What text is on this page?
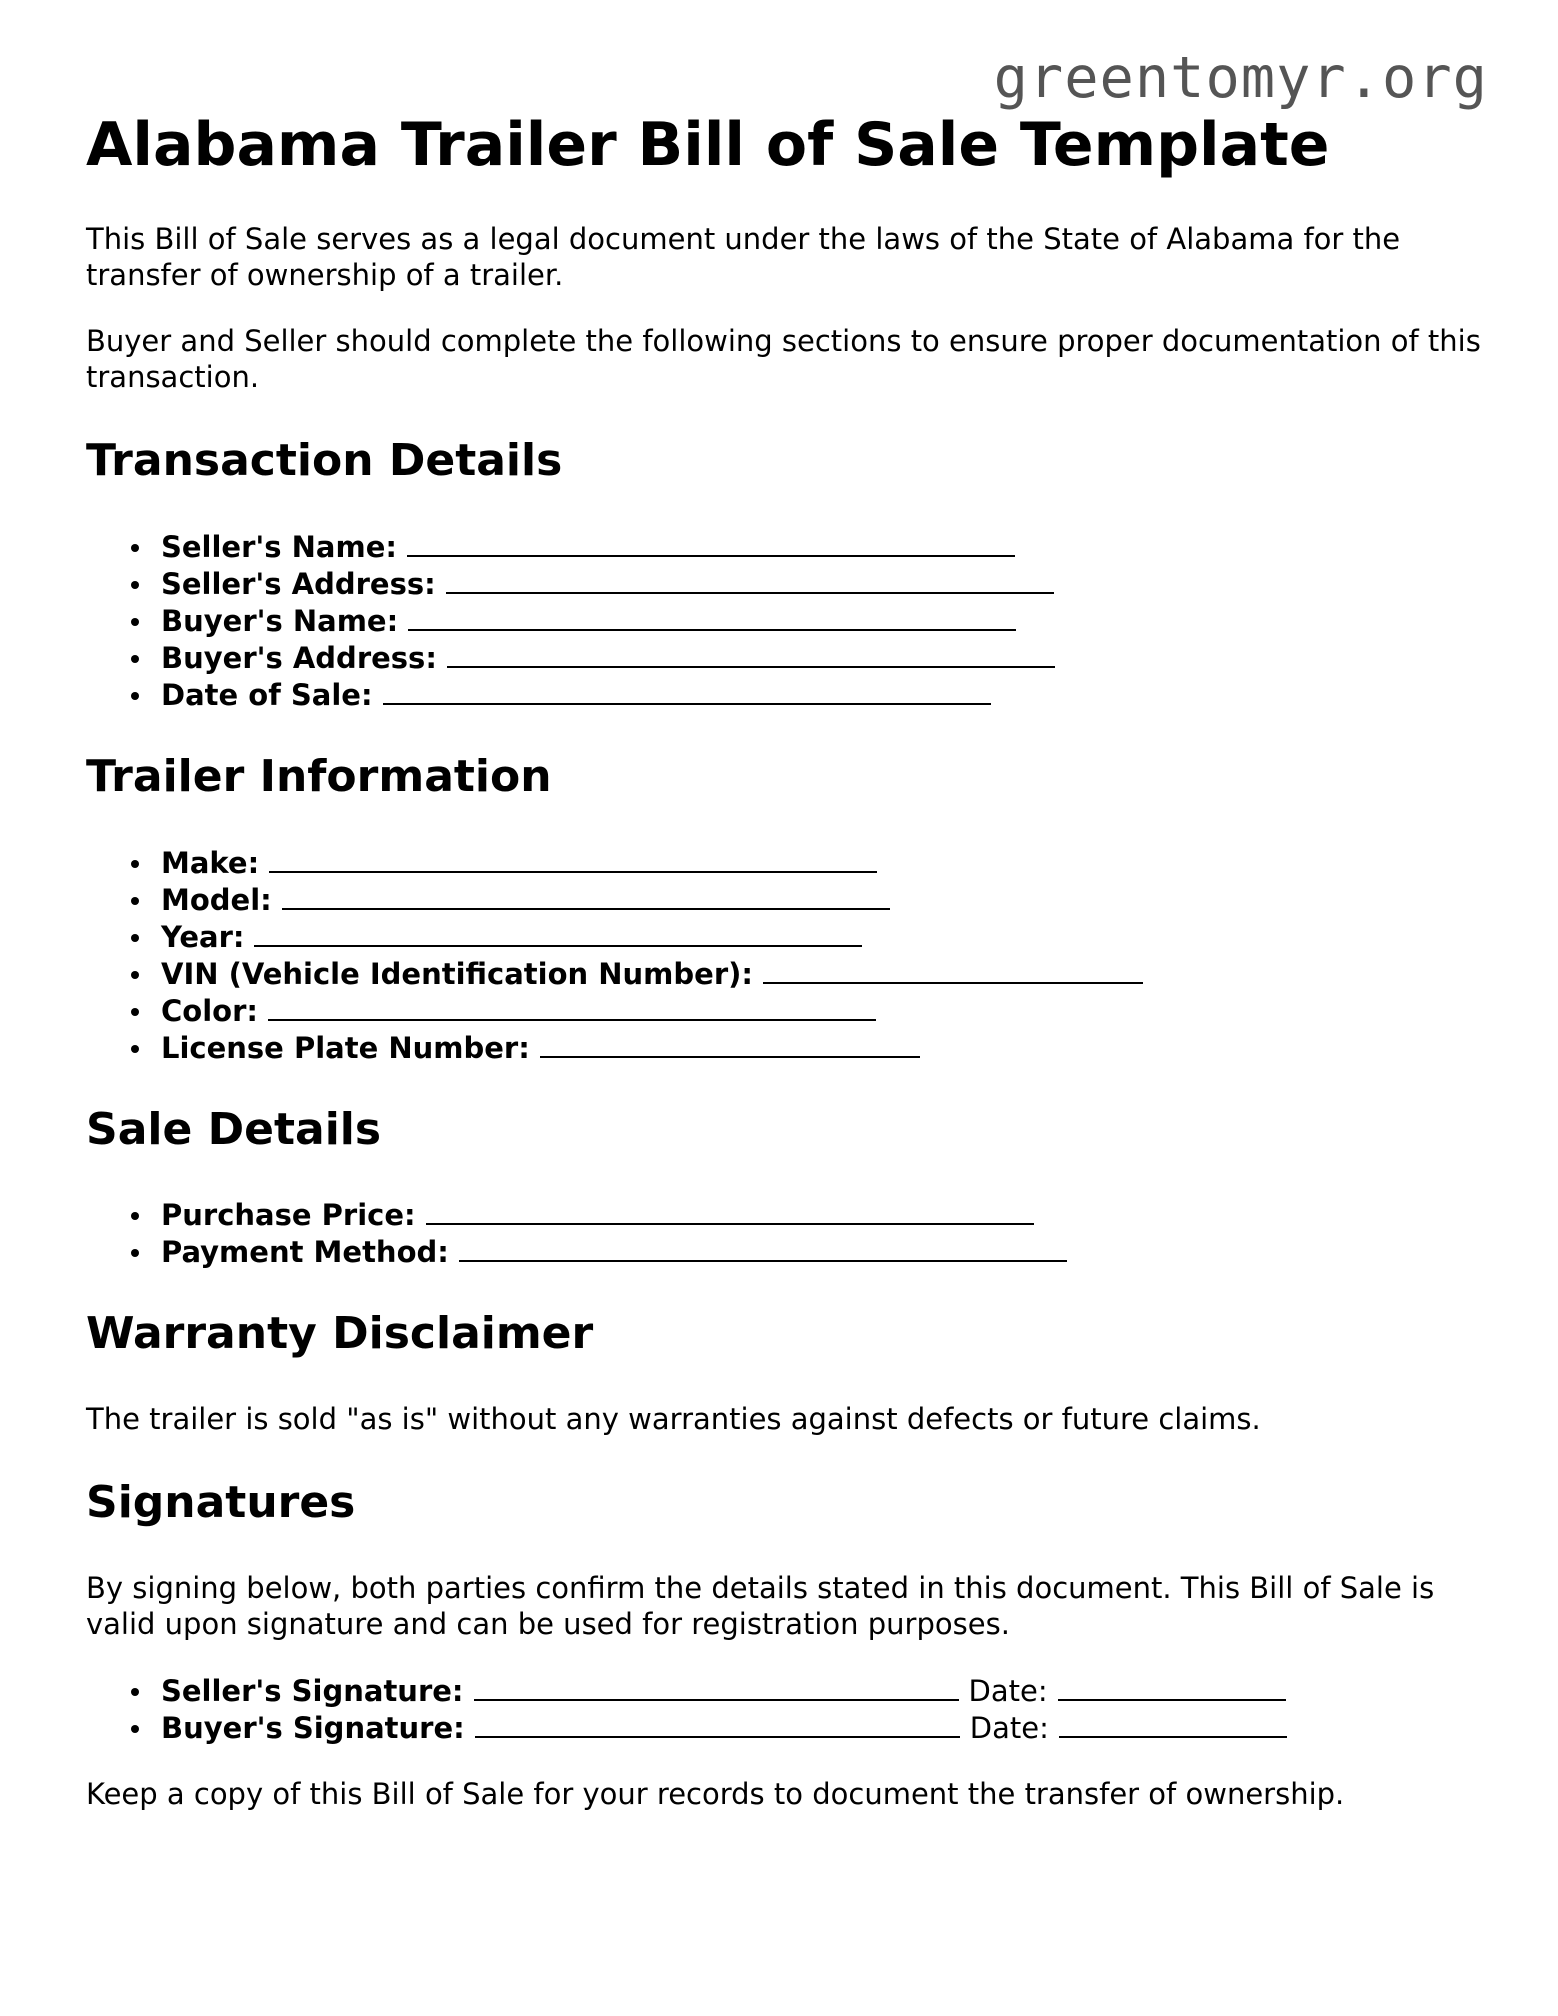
greentomyr.org
Alabama Trailer Bill of Sale Template

This Bill of Sale serves as a legal document under the laws of the State of Alabama for the transfer of ownership of a trailer.

Buyer and Seller should complete the following sections to ensure proper documentation of this transaction.

Transaction Details
Seller's Name:
Seller's Address:
Buyer's Name:
Buyer's Address:
Date of Sale:
Trailer Information
Make:
Model:
Year:
VIN (Vehicle Identification Number):
Color:
License Plate Number:
Sale Details
Purchase Price:
Payment Method:
Warranty Disclaimer

The trailer is sold "as is" without any warranties against defects or future claims.

Signatures

By signing below, both parties confirm the details stated in this document. This Bill of Sale is valid upon signature and can be used for registration purposes.

Seller's Signature:	Date:
Buyer's Signature:	Date:

Keep a copy of this Bill of Sale for your records to document the transfer of ownership.
